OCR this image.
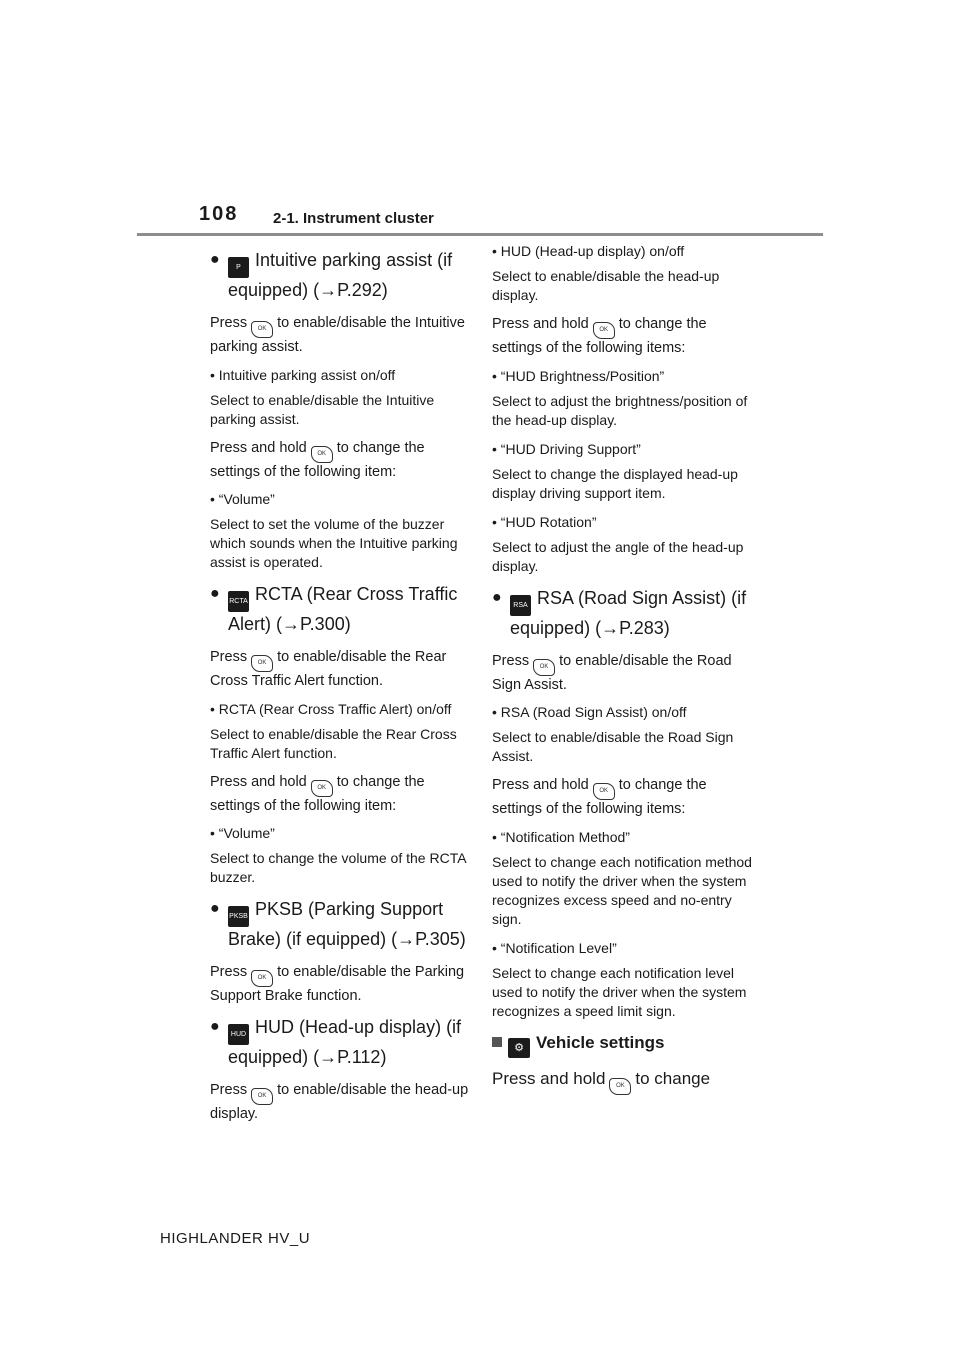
108 2-1. Instrument cluster
● P Intuitive parking assist (if equipped) (→P.292)

Press OK to enable/disable the Intuitive parking assist.

• Intuitive parking assist on/off

Select to enable/disable the Intuitive parking assist.

Press and hold OK to change the settings of the following item:

• “Volume”

Select to set the volume of the buzzer which sounds when the Intuitive parking assist is operated.

● RCTA RCTA (Rear Cross Traffic Alert) (→P.300)

Press OK to enable/disable the Rear Cross Traffic Alert function.

• RCTA (Rear Cross Traffic Alert) on/off

Select to enable/disable the Rear Cross Traffic Alert function.

Press and hold OK to change the settings of the following item:

• “Volume”

Select to change the volume of the RCTA buzzer.

● PKSB PKSB (Parking Support Brake) (if equipped) (→P.305)

Press OK to enable/disable the Parking Support Brake function.

● HUD HUD (Head-up display) (if equipped) (→P.112)

Press OK to enable/disable the head-up display.

• HUD (Head-up display) on/off

Select to enable/disable the head-up display.

Press and hold OK to change the settings of the following items:

• “HUD Brightness/Position”

Select to adjust the brightness/position of the head-up display.

• “HUD Driving Support”

Select to change the displayed head-up display driving support item.

• “HUD Rotation”

Select to adjust the angle of the head-up display.

● RSA RSA (Road Sign Assist) (if equipped) (→P.283)

Press OK to enable/disable the Road Sign Assist.

• RSA (Road Sign Assist) on/off

Select to enable/disable the Road Sign Assist.

Press and hold OK to change the settings of the following items:

• “Notification Method”

Select to change each notification method used to notify the driver when the system recognizes excess speed and no-entry sign.

• “Notification Level”

Select to change each notification level used to notify the driver when the system recognizes a speed limit sign.

⚙ Vehicle settings

Press and hold OK to change

HIGHLANDER HV_U
